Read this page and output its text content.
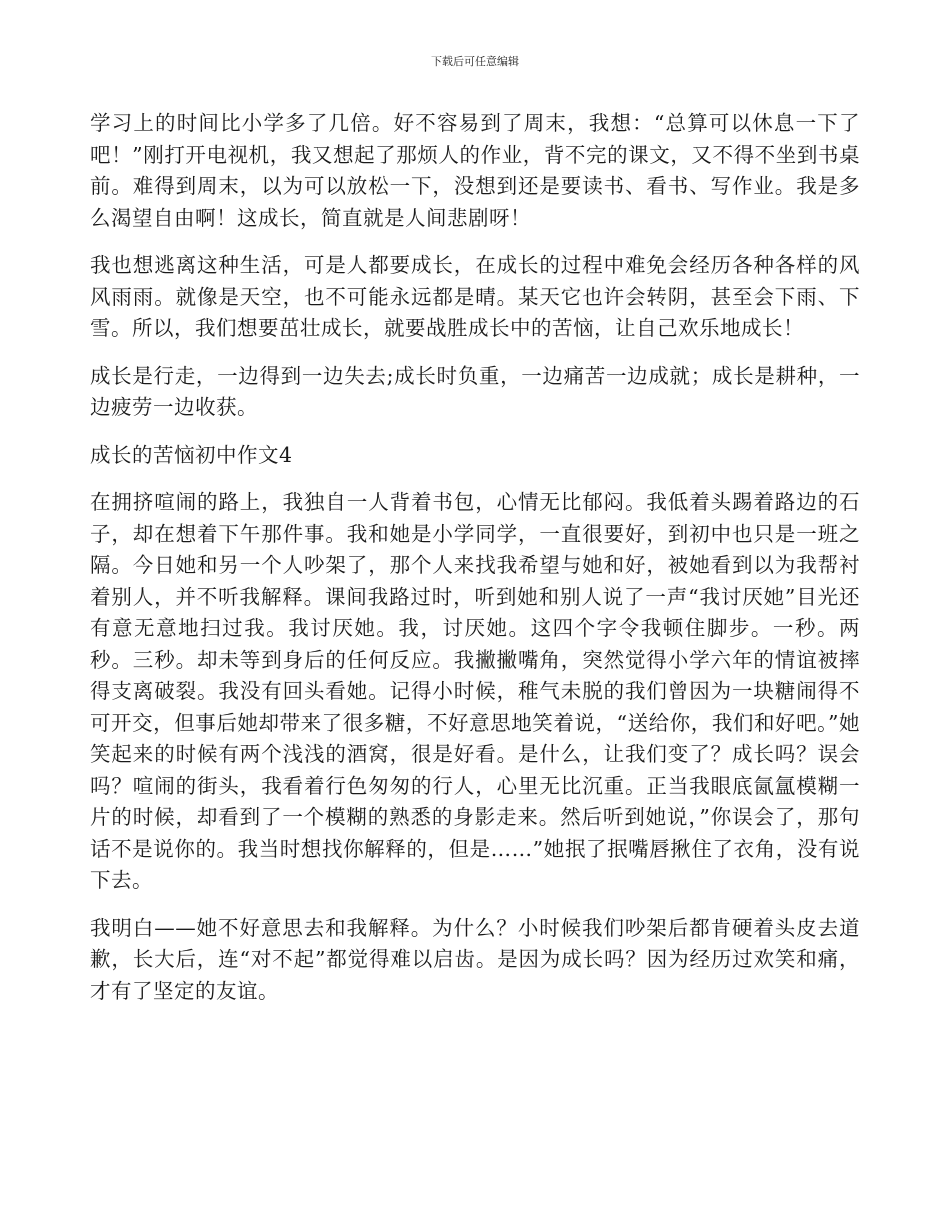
下载后可任意编辑

学习上的时间比小学多了几倍。好不容易到了周末，我想：“总算可以休息一下了吧！”刚打开电视机，我又想起了那烦人的作业，背不完的课文，又不得不坐到书桌前。难得到周末，以为可以放松一下，没想到还是要读书、看书、写作业。我是多么渴望自由啊！这成长，简直就是人间悲剧呀！

我也想逃离这种生活，可是人都要成长，在成长的过程中难免会经历各种各样的风风雨雨。就像是天空，也不可能永远都是晴。某天它也许会转阴，甚至会下雨、下雪。所以，我们想要茁壮成长，就要战胜成长中的苦恼，让自己欢乐地成长！

成长是行走，一边得到一边失去;成长时负重，一边痛苦一边成就；成长是耕种，一边疲劳一边收获。

成长的苦恼初中作文4

在拥挤喧闹的路上，我独自一人背着书包，心情无比郁闷。我低着头踢着路边的石子，却在想着下午那件事。我和她是小学同学，一直很要好，到初中也只是一班之隔。今日她和另一个人吵架了，那个人来找我希望与她和好，被她看到以为我帮衬着别人，并不听我解释。课间我路过时，听到她和别人说了一声“我讨厌她”目光还有意无意地扫过我。我讨厌她。我，讨厌她。这四个字令我顿住脚步。一秒。两秒。三秒。却未等到身后的任何反应。我撇撇嘴角，突然觉得小学六年的情谊被摔得支离破裂。我没有回头看她。记得小时候，稚气未脱的我们曾因为一块糖闹得不可开交，但事后她却带来了很多糖，不好意思地笑着说，“送给你，我们和好吧。”她笑起来的时候有两个浅浅的酒窝，很是好看。是什么，让我们变了？成长吗？误会吗？喧闹的街头，我看着行色匆匆的行人，心里无比沉重。正当我眼底氤氲模糊一片的时候，却看到了一个模糊的熟悉的身影走来。然后听到她说，”你误会了，那句话不是说你的。我当时想找你解释的，但是……”她抿了抿嘴唇揪住了衣角，没有说下去。

我明白——她不好意思去和我解释。为什么？小时候我们吵架后都肯硬着头皮去道歉，长大后，连“对不起”都觉得难以启齿。是因为成长吗？因为经历过欢笑和痛，才有了坚定的友谊。
